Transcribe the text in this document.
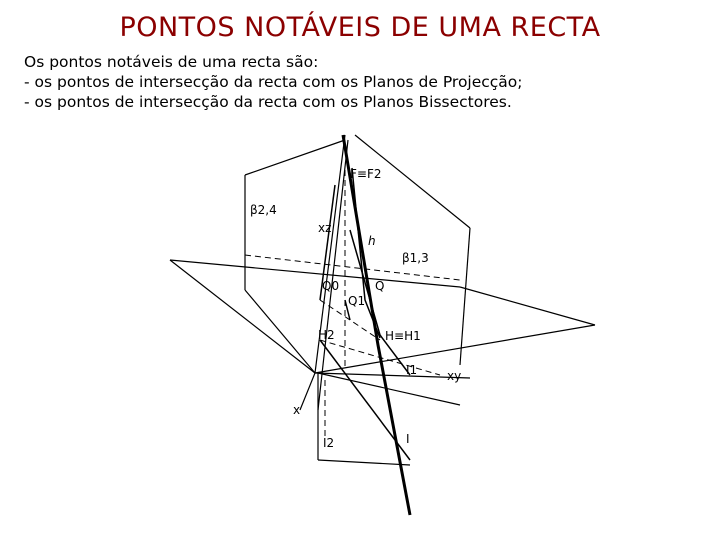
PONTOS NOTÁVEIS DE UMA RECTA
Os pontos notáveis de uma recta são:
- os pontos de intersecção da recta com os Planos de Projecção;
- os pontos de intersecção da recta com os Planos Bissectores.
β2,4
xz
h
F≡F2
β1,3
Q0	Q
Q1
H2	H≡H1
I1 xy
x
I2	I
